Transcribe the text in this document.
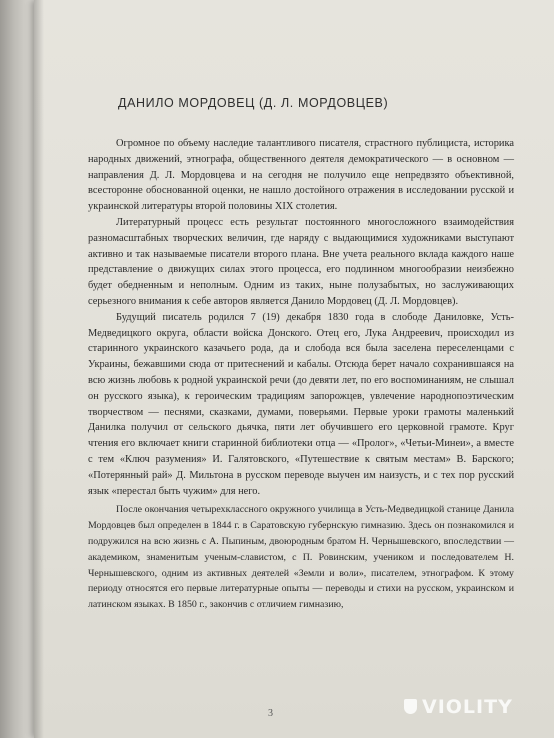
ДАНИЛО МОРДОВЕЦ (Д. Л. МОРДОВЦЕВ)

Огромное по объему наследие талантливого писателя, страстного публициста, историка народных движений, этнографа, общественного деятеля демократического — в основном — направления Д. Л. Мордовцева и на сегодня не получило еще непредвзято объективной, всесторонне обоснованной оценки, не нашло достойного отражения в исследовании русской и украинской литературы второй половины XIX столетия.

Литературный процесс есть результат постоянного многосложного взаимодействия разномасштабных творческих величин, где наряду с выдающимися художниками выступают активно и так называемые писатели второго плана. Вне учета реального вклада каждого наше представление о движущих силах этого процесса, его подлинном многообразии неизбежно будет обедненным и неполным. Одним из таких, ныне полузабытых, но заслуживающих серьезного внимания к себе авторов является Данило Мордовец (Д. Л. Мордовцев).

Будущий писатель родился 7 (19) декабря 1830 года в слободе Даниловке, Усть-Медведицкого округа, области войска Донского. Отец его, Лука Андреевич, происходил из старинного украинского казачьего рода, да и слобода вся была заселена переселенцами с Украины, бежавшими сюда от притеснений и кабалы. Отсюда берет начало сохранившаяся на всю жизнь любовь к родной украинской речи (до девяти лет, по его воспоминаниям, не слышал он русского языка), к героическим традициям запорожцев, увлечение народнопоэтическим творчеством — песнями, сказками, думами, поверьями. Первые уроки грамоты маленький Данилка получил от сельского дьячка, пяти лет обучившего его церковной грамоте. Круг чтения его включает книги старинной библиотеки отца — «Пролог», «Четьи-Минеи», а вместе с тем «Ключ разумения» И. Галятовского, «Путешествие к святым местам» В. Барского; «Потерянный рай» Д. Мильтона в русском переводе выучен им наизусть, и с тех пор русский язык «перестал быть чужим» для него.

После окончания четырехклассного окружного училища в Усть-Медведицкой станице Данила Мордовцев был определен в 1844 г. в Саратовскую губернскую гимназию. Здесь он познакомился и подружился на всю жизнь с А. Пыпиным, двоюродным братом Н. Чернышевского, впоследствии — академиком, знаменитым ученым-славистом, с П. Ровинским, учеником и последователем Н. Чернышевского, одним из активных деятелей «Земли и воли», писателем, этнографом. К этому периоду относятся его первые литературные опыты — переводы и стихи на русском, украинском и латинском языках. В 1850 г., закончив с отличием гимназию,

3	VIOLITY
